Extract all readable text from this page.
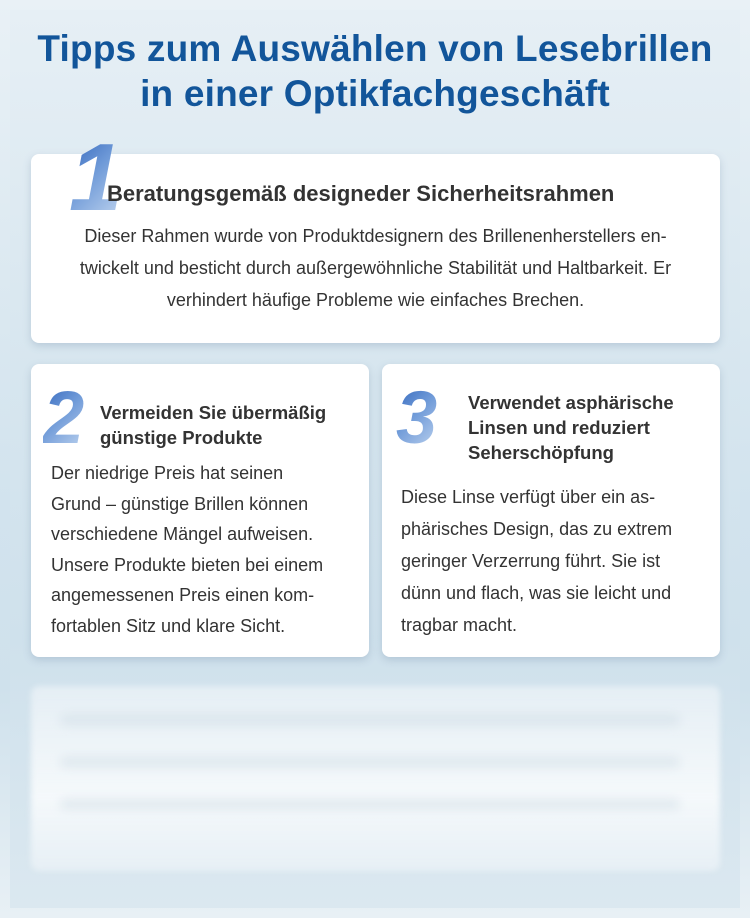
Tipps zum Auswählen von Lesebrillen
in einer Optikfachgeschäft
1
Beratungsgemäß designeder Sicherheitsrahmen
Dieser Rahmen wurde von Produktdesignern des Brillenenherstellers en-
twickelt und besticht durch außergewöhnliche Stabilität und Haltbarkeit. Er
verhindert häufige Probleme wie einfaches Brechen.
2 Vermeiden Sie übermäßig
günstige Produkte
Der niedrige Preis hat seinen
Grund – günstige Brillen können
verschiedene Mängel aufweisen.
Unsere Produkte bieten bei einem
angemessenen Preis einen kom-
fortablen Sitz und klare Sicht.
3 Verwendet asphärische
Linsen und reduziert
Seherschöpfung
Diese Linse verfügt über ein as-
phärisches Design, das zu extrem
geringer Verzerrung führt. Sie ist
dünn und flach, was sie leicht und
tragbar macht.
